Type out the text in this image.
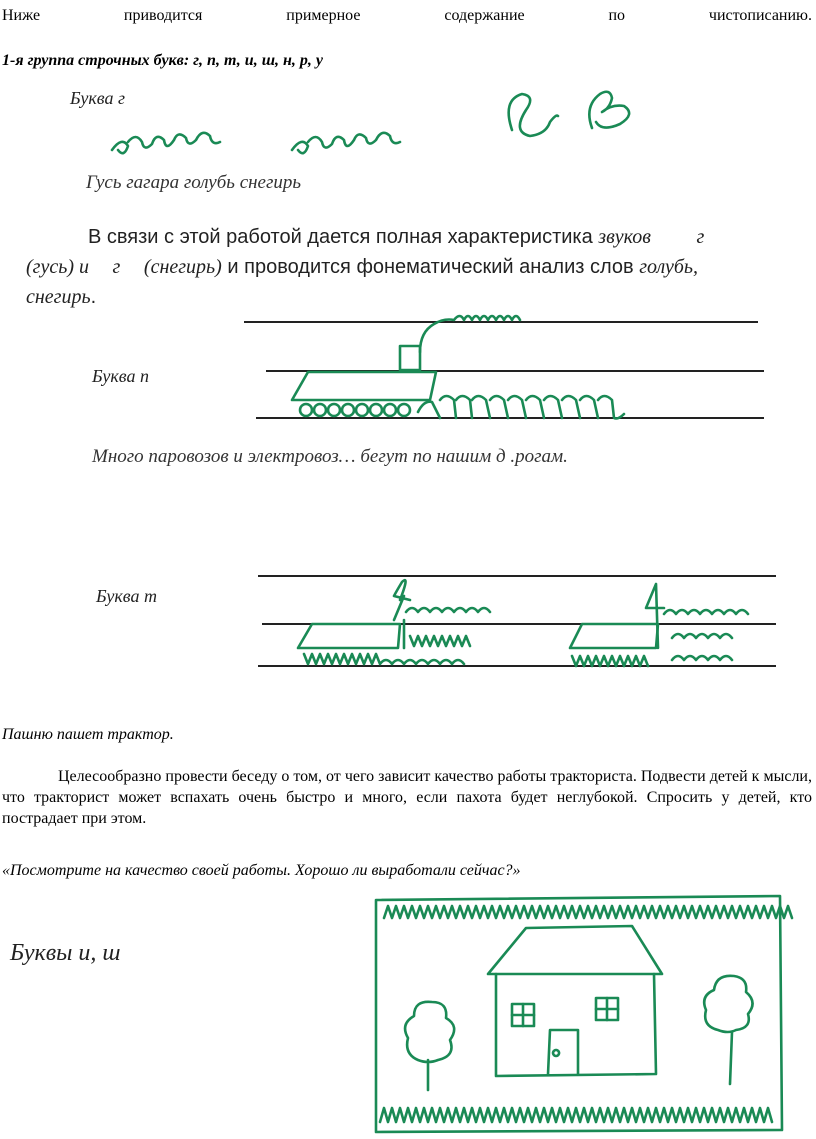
Ниже приводится примерное содержание по чистописанию.
1-я группа строчных букв: г, п, т, и, ш, н, р, у
Буква г
Гусь гагара голубь снегирь
В связи с этой работой дается полная характеристика звуков г
(гусь) и г (снегирь) и проводится фонематический анализ слов голубь,
снегирь.
Буква п
Много паровозов и электровоз… бегут по нашим д .рогам.
Буква т
Пашню пашет трактор.
Целесообразно провести беседу о том, от чего зависит качество работы тракториста. Подвести детей к мысли, что тракторист может вспахать очень быстро и много, если пахота будет неглубокой. Спросить у детей, кто пострадает при этом.
«Посмотрите на качество своей работы. Хорошо ли выработали сейчас?»
Буквы и, ш
